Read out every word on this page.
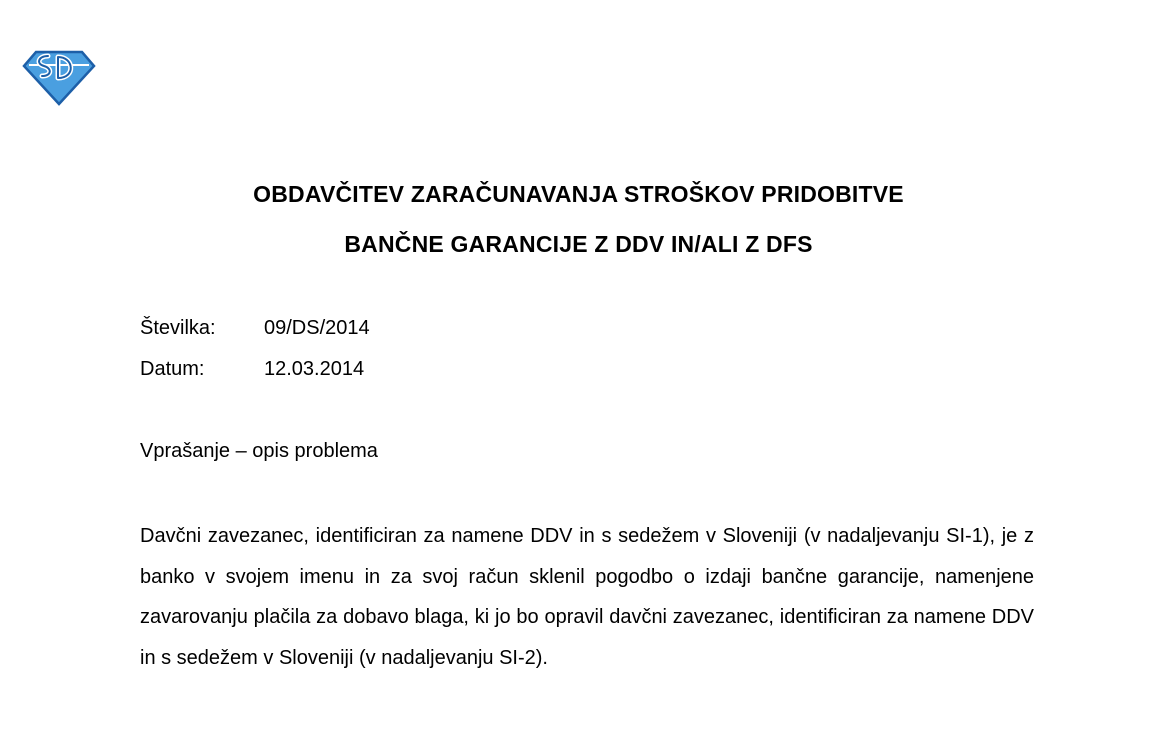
OBDAVČITEV ZARAČUNAVANJA STROŠKOV PRIDOBITVE
BANČNE GARANCIJE Z DDV IN/ALI Z DFS
Številka: 09/DS/2014
Datum:	12.03.2014
Vprašanje – opis problema

Davčni zavezanec, identificiran za namene DDV in s sedežem v Sloveniji (v nadaljevanju SI-1), je z banko v svojem imenu in za svoj račun sklenil pogodbo o izdaji bančne garancije, namenjene zavarovanju plačila za dobavo blaga, ki jo bo opravil davčni zavezanec, identificiran za namene DDV in s sedežem v Sloveniji (v nadaljevanju SI-2).
